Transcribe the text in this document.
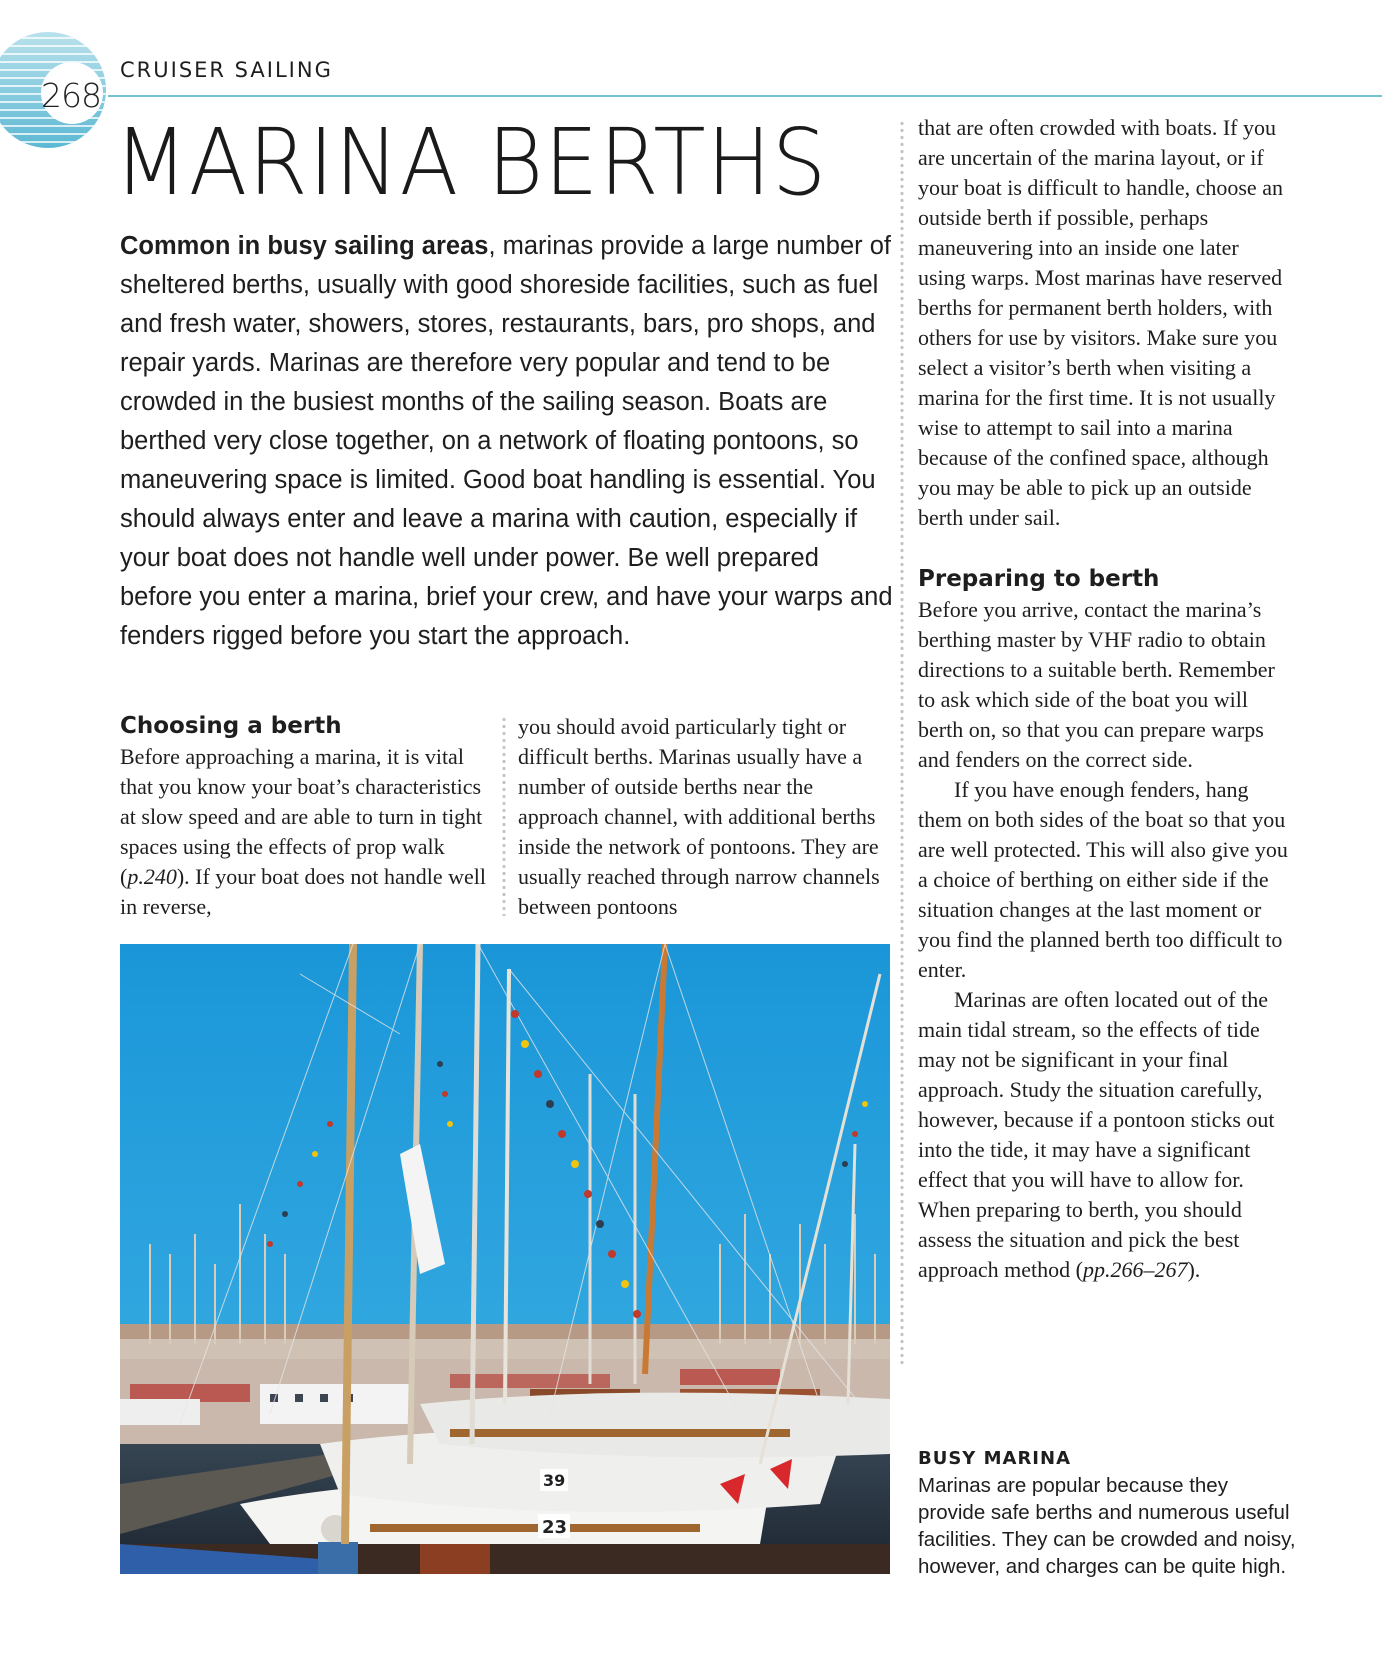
268
CRUISER SAILING
MARINA BERTHS

Common in busy sailing areas, marinas provide a large number of sheltered berths, usually with good shoreside facilities, such as fuel and fresh water, showers, stores, restaurants, bars, pro shops, and repair yards. Marinas are therefore very popular and tend to be crowded in the busiest months of the sailing season. Boats are berthed very close together, on a network of floating pontoons, so maneuvering space is limited. Good boat handling is essential. You should always enter and leave a marina with caution, especially if your boat does not handle well under power. Be well prepared before you enter a marina, brief your crew, and have your warps and fenders rigged before you start the approach.

Choosing a berth

Before approaching a marina, it is vital that you know your boat’s characteristics at slow speed and are able to turn in tight spaces using the effects of prop walk (p.240). If your boat does not handle well in reverse,

you should avoid particularly tight or difficult berths. Marinas usually have a number of outside berths near the approach channel, with additional berths inside the network of pontoons. They are usually reached through narrow channels between pontoons

that are often crowded with boats. If you are uncertain of the marina layout, or if your boat is difficult to handle, choose an outside berth if possible, perhaps maneuvering into an inside one later using warps. Most marinas have reserved berths for permanent berth holders, with others for use by visitors. Make sure you select a visitor’s berth when visiting a marina for the first time. It is not usually wise to attempt to sail into a marina because of the confined space, although you may be able to pick up an outside berth under sail.

Preparing to berth

Before you arrive, contact the marina’s berthing master by VHF radio to obtain directions to a suitable berth. Remember to ask which side of the boat you will berth on, so that you can prepare warps and fenders on the correct side.

If you have enough fenders, hang them on both sides of the boat so that you are well protected. This will also give you a choice of berthing on either side if the situation changes at the last moment or you find the planned berth too difficult to enter.

Marinas are often located out of the main tidal stream, so the effects of tide may not be significant in your final approach. Study the situation carefully, however, because if a pontoon sticks out into the tide, it may have a significant effect that you will have to allow for. When preparing to berth, you should assess the situation and pick the best approach method (pp.266–267).

39
23
BUSY MARINA
Marinas are popular because they provide safe berths and numerous useful facilities. They can be crowded and noisy, however, and charges can be quite high.
